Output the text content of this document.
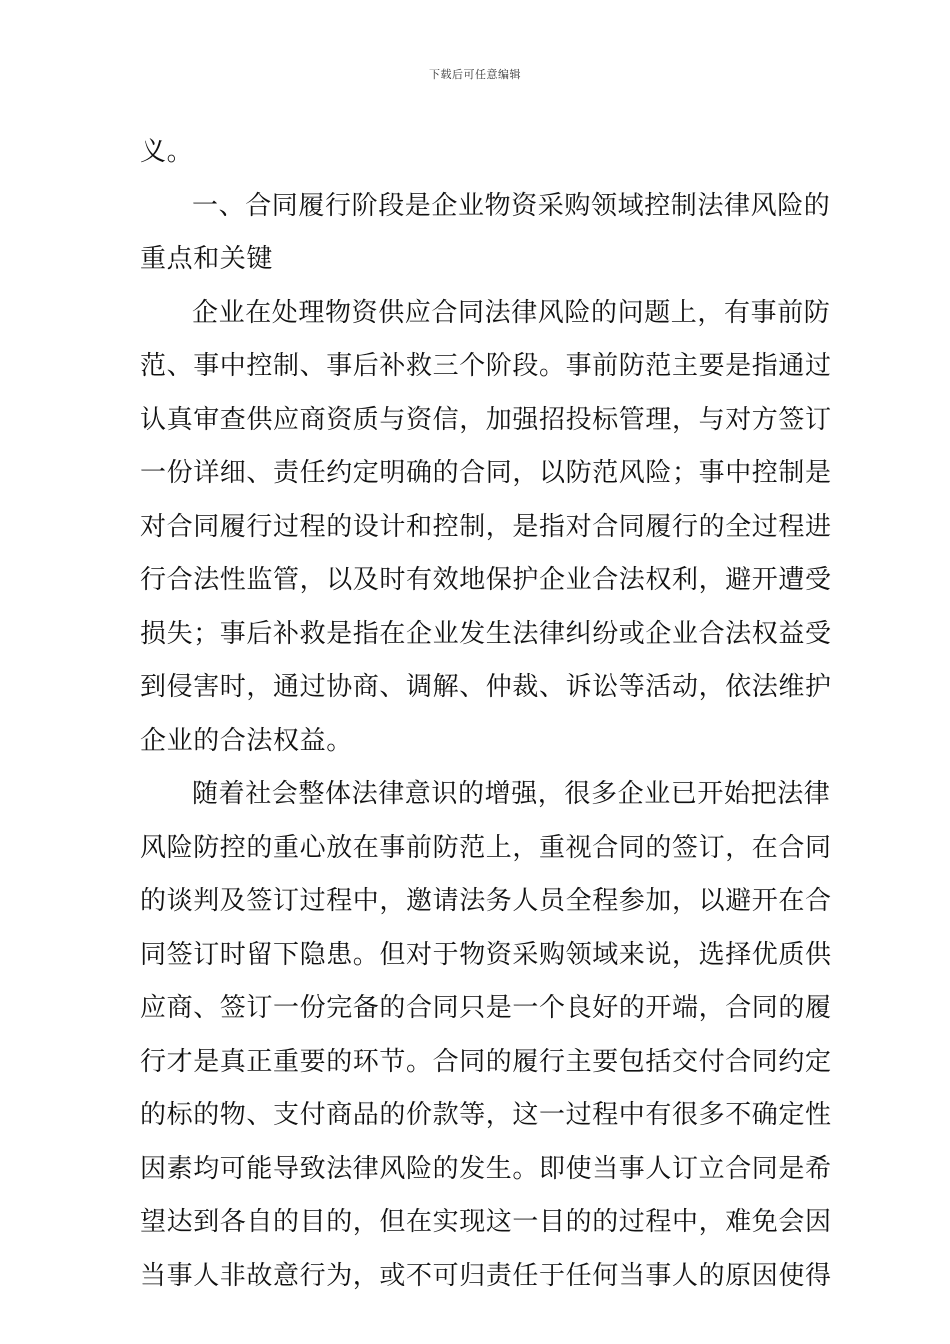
下载后可任意编辑
义。
一、合同履行阶段是企业物资采购领域控制法律风险的
重点和关键
企业在处理物资供应合同法律风险的问题上，有事前防
范、事中控制、事后补救三个阶段。事前防范主要是指通过
认真审查供应商资质与资信，加强招投标管理，与对方签订
一份详细、责任约定明确的合同，以防范风险；事中控制是
对合同履行过程的设计和控制，是指对合同履行的全过程进
行合法性监管，以及时有效地保护企业合法权利，避开遭受
损失；事后补救是指在企业发生法律纠纷或企业合法权益受
到侵害时，通过协商、调解、仲裁、诉讼等活动，依法维护
企业的合法权益。
随着社会整体法律意识的增强，很多企业已开始把法律
风险防控的重心放在事前防范上，重视合同的签订，在合同
的谈判及签订过程中，邀请法务人员全程参加，以避开在合
同签订时留下隐患。但对于物资采购领域来说，选择优质供
应商、签订一份完备的合同只是一个良好的开端，合同的履
行才是真正重要的环节。合同的履行主要包括交付合同约定
的标的物、支付商品的价款等，这一过程中有很多不确定性
因素均可能导致法律风险的发生。即使当事人订立合同是希
望达到各自的目的，但在实现这一目的的过程中，难免会因
当事人非故意行为，或不可归责任于任何当事人的原因使得
